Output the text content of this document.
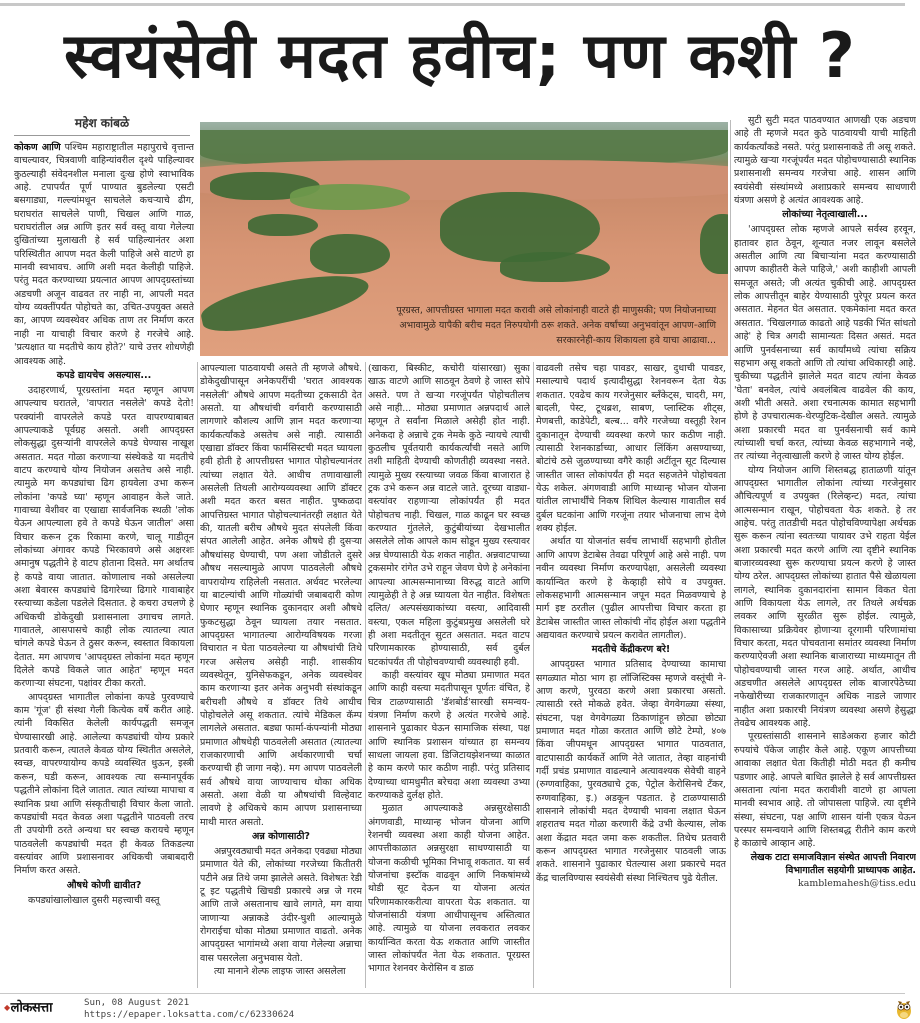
स्वयंसेवी मदत हवीच; पण कशी ?
महेश कांबळे
पूरग्रस्त, आपत्तीग्रस्त भागाला मदत करावी असे लोकांनाही वाटते ही माणुसकी; पण नियोजनाच्या अभावामुळे यापैकी बरीच मदत निरुपयोगी ठरू शकते. अनेक वर्षांच्या अनुभवांतून आपण-आणि सरकारनेही-काय शिकायला हवे याचा आढावा...

कोकण आणि पश्चिम महाराष्ट्रातील महापुराचे वृत्तान्त वाचल्यावर, चित्रवाणी वाहिन्यांवरील दृश्ये पाहिल्यावर कुठल्याही संवेदनशील मनाला दुःख होणे स्वाभाविक आहे. टपापर्यंत पूर्ण पाण्यात बुडलेल्या एसटी बसगाड्या, गल्ल्यांमधून साचलेले कचऱ्याचे ढीग, घराघरांत साचलेले पाणी, चिखल आणि गाळ, घराघरांतील अन्न आणि इतर सर्व वस्तू वाया गेलेल्या दुखितांच्या मुलाखती हे सर्व पाहिल्यानंतर अशा परिस्थितीत आपण मदत केली पाहिजे असे वाटणे हा मानवी स्वभावच. आणि अशी मदत केलीही पाहिजे. परंतु मदत करण्याच्या प्रयत्नात आपण आपद्ग्रस्तांच्या अडचणी अजून वाढवत तर नाही ना, आपली मदत योग्य व्यक्तींपर्यंत पोहोचते का, उचित-उपयुक्त असते का, आपण व्यवस्थेवर अधिक ताण तर निर्माण करत नाही ना याचाही विचार करणे हे गरजेचे आहे. 'प्रत्यक्षात या मदतीचे काय होते?' याचे उत्तर शोधणेही आवश्यक आहे.

कपडे द्यायचेच असल्यास...

उदाहरणार्थ, पूरग्रस्तांना मदत म्हणून आपण आपल्याच घरातले, 'वापरात नसलेले' कपडे देतो! परक्यांनी वापरलेले कपडे परत वापरण्याबाबत आपल्याकडे पूर्वग्रह असतो. अशी आपद्ग्रस्त लोकसुद्धा दुसऱ्यांनी वापरलेले कपडे घेण्यास नाखूश असतात. मदत गोळा करणाऱ्या संस्थेकडे या मदतीचे वाटप करण्याचे योग्य नियोजन असतेच असे नाही. त्यामुळे मग कपड्यांचा ढिग हायवेला उभा करून लोकांना 'कपडे घ्या' म्हणून आवाहन केले जाते. गावाच्या वेशीवर वा एखाद्या सार्वजनिक स्थळी 'लोक येऊन आपल्याला हवे ते कपडे घेऊन जातील' असा विचार करून ट्रक रिकामा करणे, चालू गाडीतून लोकांच्या अंगावर कपडे भिरकावणे असे अक्षरशः अमानुष पद्धतीने हे वाटप होताना दिसते. मग अर्थातच हे कपडे वाया जातात. कोणालाच नको असलेल्या अशा बेवारस कपड्यांचे ढिगारेच्या ढिगारे गावाबाहेर रस्त्याच्या कडेला पडलेले दिसतात. हे कचरा उचलणे हे अधिकची डोकेदुखी प्रशासनाला उगाचच लागते. गावातले, आसपासचे काही लोक त्यातल्या त्यात चांगले कपडे घेऊन ते ठुसर करून, स्वस्तात विकायला देतात. मग आपणच 'आपद्ग्रस्त लोकांना मदत म्हणून दिलेले कपडे विकले जात आहेत' म्हणून मदत करणाऱ्या संघटना, पक्षांवर टीका करतो.

आपद्ग्रस्त भागातील लोकांना कपडे पुरवण्याचे काम 'गूंज' ही संस्था गेली कित्येक वर्षे करीत आहे. त्यांनी विकसित केलेली कार्यपद्धती समजून घेण्यासारखी आहे. आलेल्या कपड्यांची योग्य प्रकारे प्रतवारी करून, त्यातले केवळ योग्य स्थितीत असलेले, स्वच्छ, वापरण्यायोग्य कपडे व्यवस्थित धुऊन, इस्त्री करून, घडी करून, आवश्यक त्या सन्मानपूर्वक पद्धतीने लोकांना दिले जातात. त्यात त्यांच्या मापाचा व स्थानिक प्रथा आणि संस्कृतीचाही विचार केला जातो. कपड्यांची मदत केवळ अशा पद्धतीने पाठवली तरच ती उपयोगी ठरते अन्यथा घर स्वच्छ करायचे म्हणून पाठवलेली कपड्यांची मदत ही केवळ तिकडल्या वस्त्यांवर आणि प्रशासनावर अधिकची जबाबदारी निर्माण करत असते.

औषधे कोणी द्यावीत?

कपड्यांखालोखाल दुसरी महत्त्वाची वस्तू

आपल्याला पाठवायची असते ती म्हणजे औषधे. डोकेदुखीपासून अनेकपरींची 'घरात आवश्यक नसलेली' औषधे आपण मदतीच्या ट्रकसाठी देत असतो. या औषधांची वर्गवारी करण्यासाठी लागणारे कौशल्य आणि ज्ञान मदत करणाऱ्या कार्यकर्त्यांकडे असतेच असे नाही. त्यासाठी एखाद्या डॉक्टर किंवा फार्मसिस्टची मदत घ्यायला हवी होती हे आपत्तीग्रस्त भागात पोहोचल्यानंतर त्यांच्या लक्षात येते. आधीच तणावाखाली असलेली तिथली आरोग्यव्यवस्था आणि डॉक्टर अशी मदत करत बसत नाहीत. पुष्कळदा आपत्तिग्रस्त भागात पोहोचल्यानंतरही लक्षात येते की, यातली बरीच औषधे मुदत संपलेली किंवा संपत आलेली आहेत. अनेक औषधे ही दुसऱ्या औषधांसह घेण्याची, पण अशा जोडीतले दुसरे औषध नसल्यामुळे आपण पाठवलेली औषधे वापरायोग्य राहिलेली नसतात. अर्धवट भरलेल्या या बाटल्यांची आणि गोळ्यांची जबाबदारी कोण घेणार म्हणून स्थानिक दुकानदार अशी औषधे फुकटसुद्धा ठेवून घ्यायला तयार नसतात. आपद्ग्रस्त भागातल्या आरोग्यविषयक गरजा विचारात न घेता पाठवलेल्या या औषधांची तिथे गरज असेलच असेही नाही. शासकीय व्यवस्थेतून, युनिसेफकडून, अनेक व्यवस्थेवर काम करणाऱ्या इतर अनेक अनुभवी संस्थांकडून बरीचशी औषधे व डॉक्टर तिथे आधीच पोहोचलेले असू शकतात. त्यांचे मेडिकल कॅम्प लागलेले असतात. बड्या फार्मा-कंपन्यांनी मोठ्या प्रमाणात औषधेही पाठवलेली असतात (त्यातल्या राजकारणाची आणि अर्थकारणाची चर्चा करण्याची ही जागा नव्हे). मग आपण पाठवलेली सर्व औषधे वाया जाण्याचाच धोका अधिक असतो. अशा वेळी या औषधांची विल्हेवाट लावणे हे अधिकचे काम आपण प्रशासनाच्या माथी मारत असतो.

अन्न कोणासाठी?

अन्नपुरवठ्याची मदत अनेकदा एवढ्या मोठ्या प्रमाणात येते की, लोकांच्या गरजेच्या कितीतरी पटीने अन्न तिथे जमा झालेले असते. विशेषतः रेडी टू इट पद्धतीचे खिचडी प्रकारचे अन्न जे गरम आणि ताजे असतानाच खावे लागते, मग वाया जाणाऱ्या अन्नाकडे उंदीर-घुशी आल्यामुळे रोगराईचा धोका मोठ्या प्रमाणात वाढतो. अनेक आपद्ग्रस्त भागांमध्ये अशा वाया गेलेल्या अन्नाचा वास पसरलेला अनुभवास येतो.

त्या मानाने शेल्फ लाइफ जास्त असलेला

(खाकरा, बिस्कीट, कचोरी यांसारखा) सुका खाऊ वाटणे आणि साठवून ठेवणे हे जास्त सोपे असते. पण ते खऱ्या गरजूंपर्यंत पोहोचतीलच असे नाही... मोठ्या प्रमाणात अन्नपदार्थ आले म्हणून ते सर्वांना मिळाले असेही होत नाही. अनेकदा हे अन्नाचे ट्रक नेमके कुठे न्यायचे त्याची कुठलीच पूर्वतयारी कार्यकर्त्यांची नसते आणि तशी माहिती देण्याची कोणतीही व्यवस्था नसते. त्यामुळे मुख्य रस्त्याच्या जवळ किंवा बाजारात हे ट्रक उभे करून अन्न वाटले जाते. दूरच्या वाड्या-वस्त्यांवर राहणाऱ्या लोकांपर्यंत ही मदत पोहोचतच नाही. चिखल, गाळ काढून घर स्वच्छ करण्यात गुंतलेले, कुटुंबीयांच्या देखभालीत असलेले लोक आपले काम सोडून मुख्य रस्त्यावर अन्न घेण्यासाठी येऊ शकत नाहीत. अन्नवाटपाच्या ट्रकसमोर रांगेत उभे राहून जेवण घेणे हे अनेकांना आपल्या आत्मसन्मानाच्या विरुद्ध वाटते आणि त्यामुळेही ते हे अन्न घ्यायला येत नाहीत. विशेषतः दलित/ अल्पसंख्याकांच्या वस्त्या, आदिवासी वस्त्या, एकल महिला कुटुंबप्रमुख असलेली घरे ही अशा मदतीतून सुटत असतात. मदत वाटप परिणामकारक होण्यासाठी, सर्व दुर्बल घटकांपर्यंत ती पोहोचवण्याची व्यवस्थाही हवी.

काही वस्त्यांवर खूप मोठ्या प्रमाणात मदत आणि काही वस्त्या मदतीपासून पूर्णतः वंचित, हे चित्र टाळण्यासाठी 'डॅशबोर्ड'सारखी समन्वय-यंत्रणा निर्माण करणे हे अत्यंत गरजेचे आहे. शासनाने पुढाकार घेऊन सामाजिक संस्था, पक्ष आणि स्थानिक प्रशासन यांच्यात हा समन्वय साधला जायला हवा. डिजिटायझेशनच्या काळात हे काम करणे फार कठीण नाही. परंतु प्रतिसाद देण्याच्या धामधुमीत बरेचदा अशा व्यवस्था उभ्या करण्याकडे दुर्लक्ष होते.

मुळात आपल्याकडे अन्नसुरक्षेसाठी अंगणवाडी, माध्यान्ह भोजन योजना आणि रेशनची व्यवस्था अशा काही योजना आहेत. आपत्तीकाळात अन्नसुरक्षा साधण्यासाठी या योजना कळीची भूमिका निभावू शकतात. या सर्व योजनांचा इस्टॉक वाढवून आणि निकषांमध्ये थोडी सूट देऊन या योजना अत्यंत परिणामकारकरीत्या वापरता येऊ शकतात. या योजनांसाठी यंत्रणा आधीपासूनच अस्तित्वात आहे. त्यामुळे या योजना लवकरात लवकर कार्यान्वित करता येऊ शकतात आणि जास्तीत जास्त लोकांपर्यंत नेता येऊ शकतात. पूरग्रस्त भागात रेशनवर केरोसिन व डाळ

वाढवली तसेच चहा पावडर, साखर, दुधाची पावडर, मसाल्याचे पदार्थ इत्यादीसुद्धा रेशनवरून देता येऊ शकतात. एवढेच काय गरजेनुसार ब्लँकेट्स, चादरी, मग, बादली, पेस्ट, टूथब्रश, साबण, प्लास्टिक शीट्स, मेणबत्ती, काडेपेटी, बल्ब... वगैरे गरजेच्या वस्तूही रेशन दुकानातून देण्याची व्यवस्था करणे फार कठीण नाही. त्यासाठी रेशनकार्डाच्या, आधार लिंकिंग असण्याच्या, बोटांचे ठसे जुळण्याच्या वगैरे काही अटींतून सूट दिल्यास जास्तीत जास्त लोकांपर्यंत ही मदत सहजतेने पोहोचवता येऊ शकेल. अंगणवाडी आणि माध्यान्ह भोजन योजना यांतील लाभार्थींचे निकष शिथिल केल्यास गावातील सर्व दुर्बल घटकांना आणि गरजूंना तयार भोजनाचा लाभ देणे शक्य होईल.

अर्थात या योजनांत सर्वच लाभार्थी सहभागी होतील आणि आपण डेटाबेस तेवढा परिपूर्ण आहे असे नाही. पण नवीन व्यवस्था निर्माण करण्यापेक्षा, असलेली व्यवस्था कार्यान्वित करणे हे केव्हाही सोपे व उपयुक्त. लोकसहभागी आत्मसन्मान जपून मदत मिळवण्याचे हे मार्ग इष्ट ठरतील (पुढील आपत्तीचा विचार करता हा डेटाबेस जास्तीत जास्त लोकांची नोंद होईल अशा पद्धतीने अद्ययावत करण्याचे प्रयत्न करावेत लागतील).

मदतीचे केंद्रीकरण बरे!

आपद्ग्रस्त भागात प्रतिसाद देण्याच्या कामाचा सगळ्यात मोठा भाग हा लॉजिस्टिक्स म्हणजे वस्तूंची ने-आण करणे, पुरवठा करणे अशा प्रकारचा असतो. त्यासाठी रस्ते मोकळे हवेत. जेव्हा वेगवेगळ्या संस्था, संघटना, पक्ष वेगवेगळ्या ठिकाणांहून छोट्या छोट्या प्रमाणात मदत गोळा करतात आणि छोटे टेम्पो, ४०७ किंवा जीपमधून आपद्ग्रस्त भागात पाठवतात, वाटपासाठी कार्यकर्ते आणि नेते जातात, तेव्हा वाहनांची गर्दी प्रचंड प्रमाणात वाढल्याने अत्यावश्यक सेवेची वाहने (रुग्णवाहिका, पुरवठ्याचे ट्रक, पेट्रोल केरोसिनचे टँकर, रुग्णवाहिका, इ.) अडकून पडतात. हे टाळण्यासाठी शासनाने लोकांची मदत देण्याची भावना लक्षात घेऊन शहरातच मदत गोळा करणारी केंद्रे उभी केल्यास, लोक अशा केंद्रात मदत जमा करू शकतील. तिथेच प्रतवारी करून आपद्ग्रस्त भागात गरजेनुसार पाठवली जाऊ शकते. शासनाने पुढाकार घेतल्यास अशा प्रकारचे मदत केंद्र चालविण्यास स्वयंसेवी संस्था निश्चितच पुढे येतील.

सुटी सुटी मदत पाठवण्यात आणखी एक अडचण आहे ती म्हणजे मदत कुठे पाठवायची याची माहिती कार्यकर्त्यांकडे नसते. परंतु प्रशासनाकडे ती असू शकते. त्यामुळे खऱ्या गरजूंपर्यंत मदत पोहोचण्यासाठी स्थानिक प्रशासनाशी समन्वय गरजेचा आहे. शासन आणि स्वयंसेवी संस्थांमध्ये अशाप्रकारे समन्वय साधणारी यंत्रणा असणे हे अत्यंत आवश्यक आहे.

लोकांच्या नेतृत्वाखाली...

'आपद्ग्रस्त लोक म्हणजे आपले सर्वस्व हरवून, हातावर हात ठेवून, शून्यात नजर लावून बसलेले असतील आणि त्या बिचाऱ्यांना मदत करण्यासाठी आपण काहीतरी केले पाहिजे,' अशी काहीशी आपली समजूत असते; जी अत्यंत चुकीची आहे. आपद्ग्रस्त लोक आपत्तीतून बाहेर येण्यासाठी पुरेपूर प्रयत्न करत असतात. मेहनत घेत असतात. एकमेकांना मदत करत असतात. 'चिखलगाळ काढतो आहे पडकी भिंत सांधतो आहे' हे चित्र अगदी सामान्यतः दिसत असतं. मदत आणि पुनर्वसनाच्या सर्व कार्यांमध्ये त्यांचा सक्रिय सहभाग असू शकतो आणि तो त्यांचा अधिकारही आहे. चुकीच्या पद्धतीने झालेले मदत वाटप त्यांना केवळ 'घेता' बनवेल, त्यांचे अवलंबित्व वाढवेल की काय, अशी भीती असते. अशा रचनात्मक कामात सहभागी होणे हे उपचारात्मक-थेरप्युटिक-देखील असते. त्यामुळे अशा प्रकारची मदत वा पुनर्वसनाची सर्व कामे त्यांच्याशी चर्चा करत, त्यांच्या केवळ सहभागाने नव्हे, तर त्यांच्या नेतृत्वाखाली करणे हे जास्त योग्य होईल.

योग्य नियोजन आणि शिस्तबद्ध हाताळणी यांतून आपद्ग्रस्त भागातील लोकांना त्यांच्या गरजेनुसार औचित्यपूर्ण व उपयुक्त (रिलेव्हन्ट) मदत, त्यांचा आत्मसन्मान राखून, पोहोचवता येऊ शकते. हे तर आहेच. परंतु तातडीची मदत पोहोचविण्यापेक्षा अर्थचक्र सुरू करून त्यांना स्वतःच्या पायावर उभे राहता येईल अशा प्रकारची मदत करणे आणि त्या दृष्टीने स्थानिक बाजारव्यवस्था सुरू करण्याचा प्रयत्न करणे हे जास्त योग्य ठरेल. आपद्ग्रस्त लोकांच्या हातात पैसे खेळायला लागले, स्थानिक दुकानदारांना सामान विकत घेता आणि विकायला येऊ लागले, तर तिथले अर्थचक्र लवकर आणि सुरळीत सुरू होईल. त्यामुळे, विकासाच्या प्रक्रियेवर होणाऱ्या दूरगामी परिणामांचा विचार करता, मदत पोचवताना समांतर व्यवस्था निर्माण करण्याऐवजी अशा स्थानिक बाजाराच्या माध्यमातून ती पोहोचवण्याची जास्त गरज आहे. अर्थात, आधीच अडचणीत असलेले आपद्ग्रस्त लोक बाजारपेठेच्या नफेखोरीच्या राजकारणातून अधिक नाडले जाणार नाहीत अशा प्रकारची नियंत्रण व्यवस्था असणे हेसुद्धा तेवढेच आवश्यक आहे.

पूरग्रस्तांसाठी शासनाने साडेअकरा हजार कोटी रुपयांचे पॅकेज जाहीर केले आहे. एकूण आपत्तीच्या आवाका लक्षात घेता कितीही मोठी मदत ही कमीच पडणार आहे. आपले बाधित झालेले हे सर्व आपत्तीग्रस्त असताना त्यांना मदत करावीशी वाटणे हा आपला मानवी स्वभाव आहे. तो जोपासला पाहिजे. त्या दृष्टीने संस्था, संघटना, पक्ष आणि शासन यांनी एकत्र येऊन परस्पर समन्वयाने आणि शिस्तबद्ध रीतीने काम करणे हे काळाचे आव्हान आहे.

लेखक टाटा समाजविज्ञान संस्थेत आपत्ती निवारण विभागातील सहयोगी प्राध्यापक आहेत.
kamblemahesh@tiss.edu
◆लोकसत्ता	Sun, 08 August 2021
https://epaper.loksatta.com/c/62330624
